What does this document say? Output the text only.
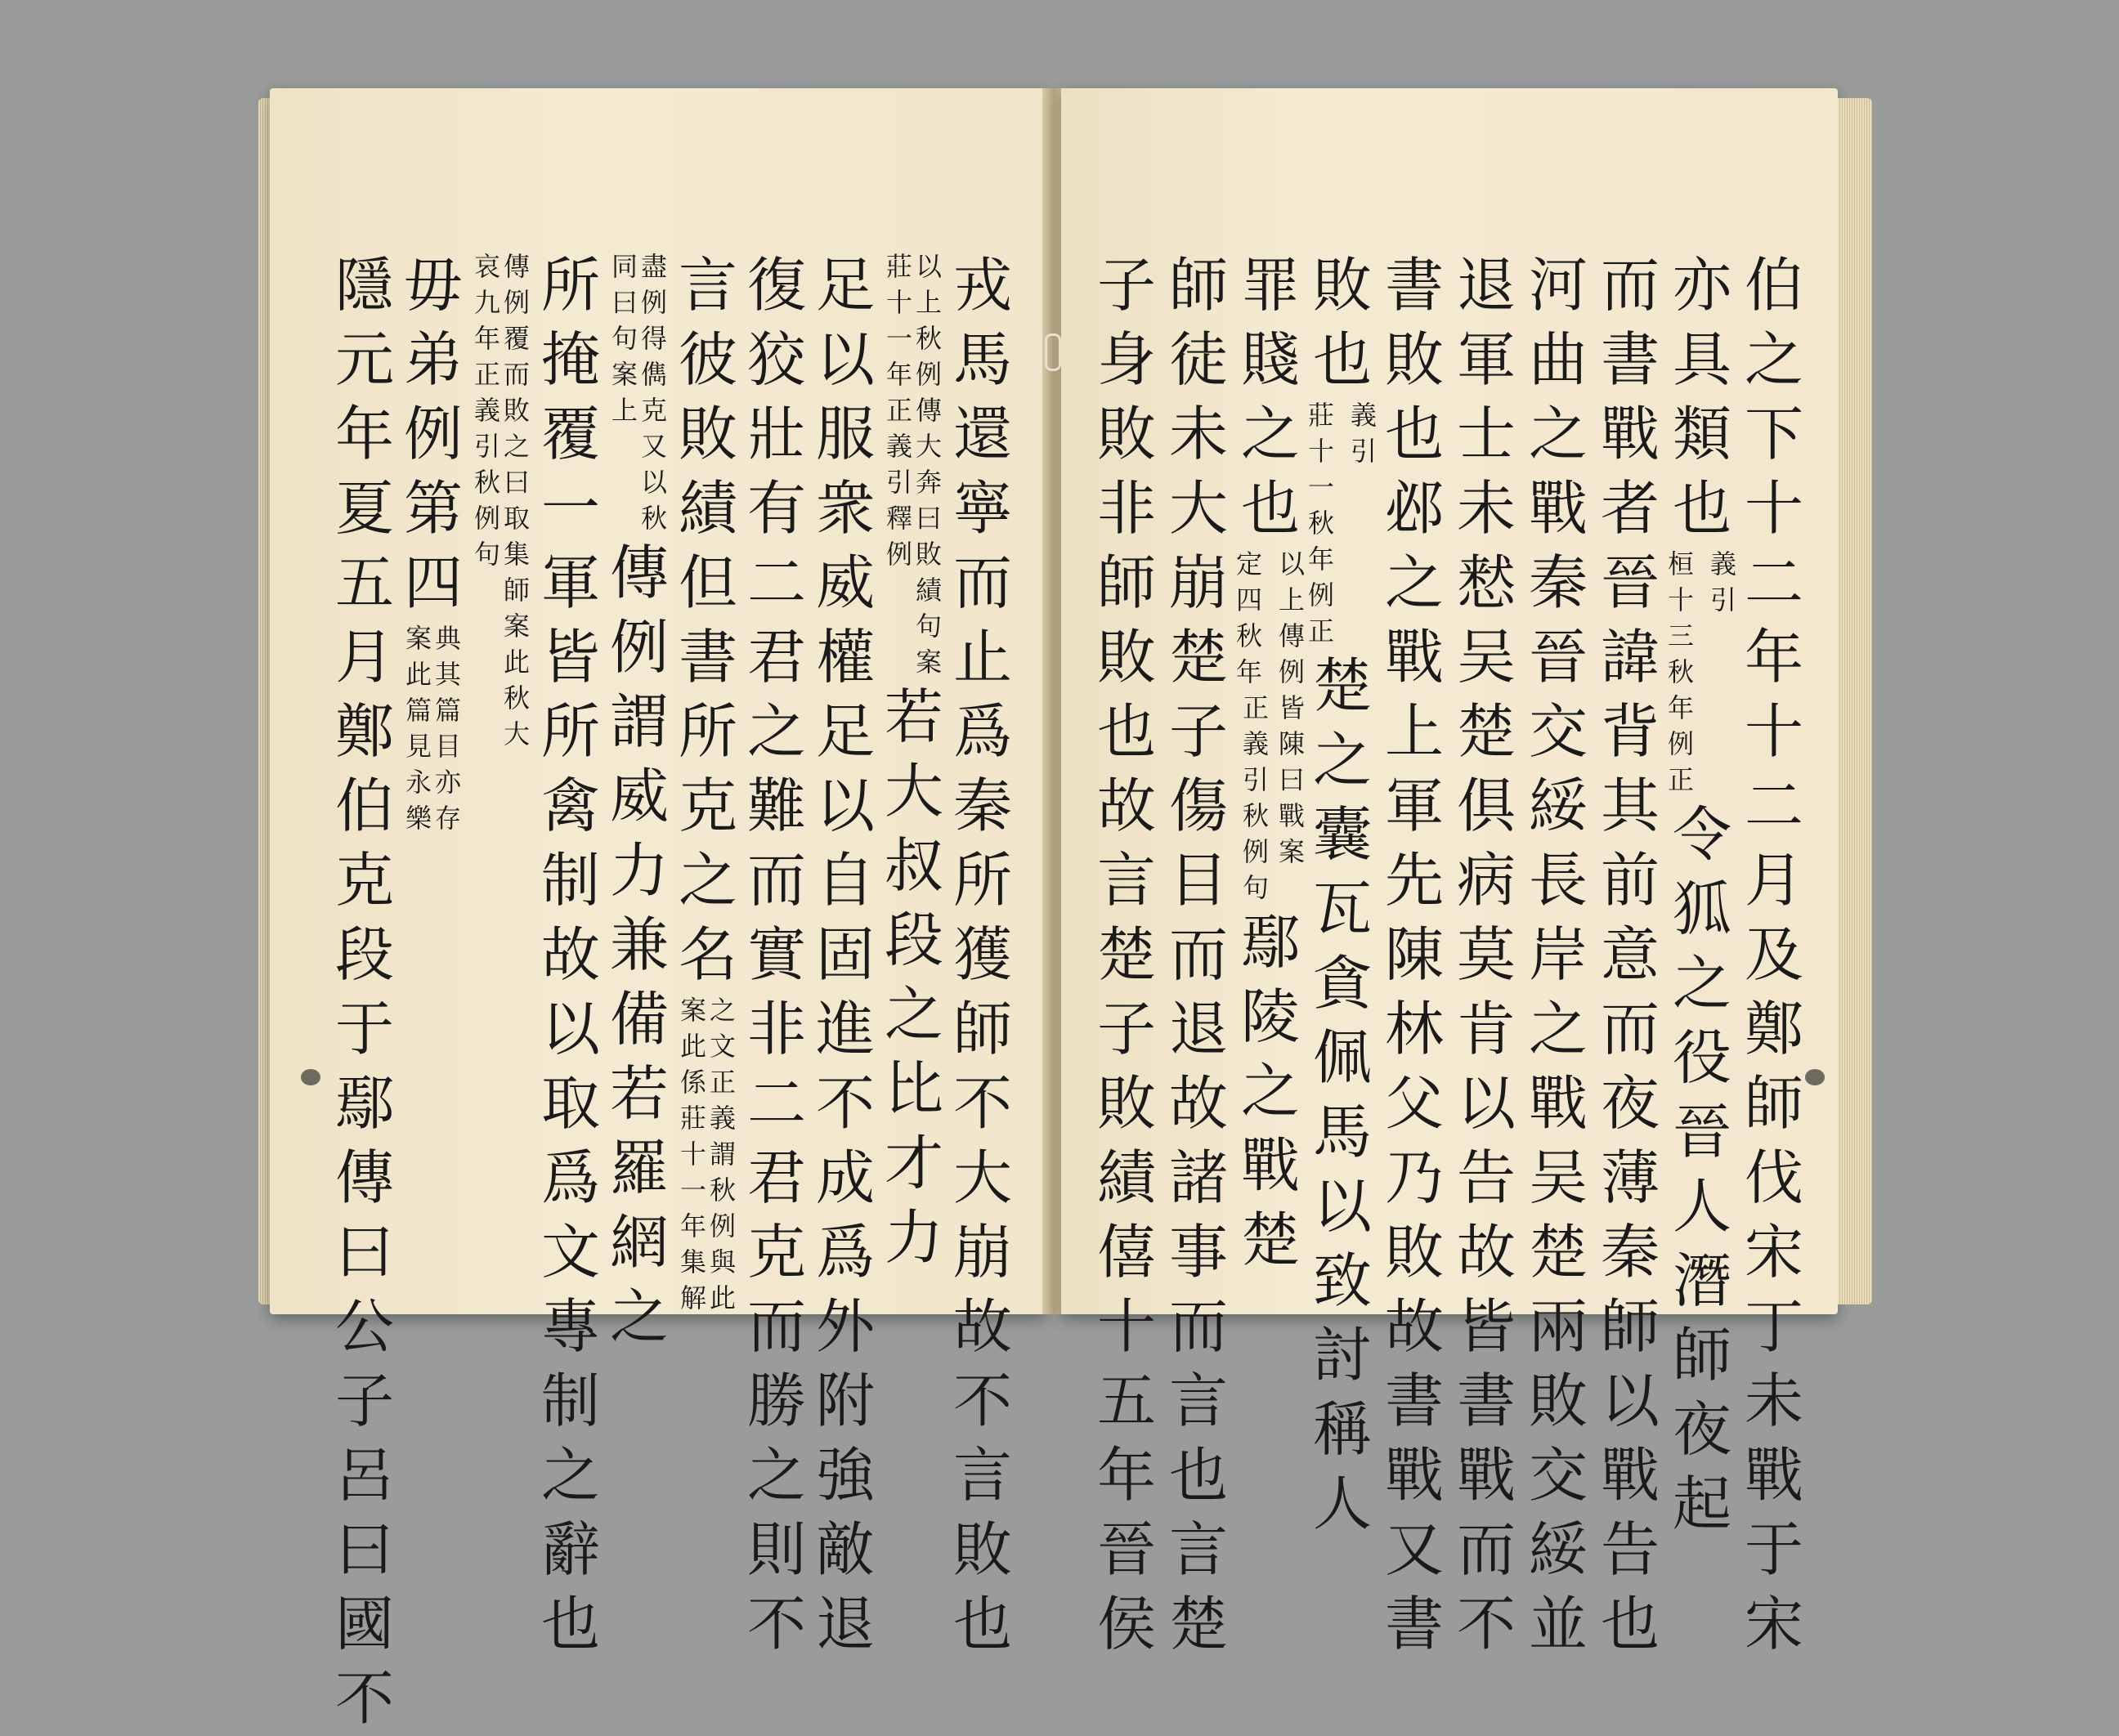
戎
馬
還
寧
而
止
爲
秦
所
獲
師
不
大
崩
故
不
言
敗
也
以
上
秋
例
傳
大
奔
曰
敗
績
句
案
莊
十
一
年
正
義
引
釋
例
若
大
叔
段
之
比
才
力
足
以
服
衆
威
權
足
以
自
固
進
不
成
爲
外
附
強
敵
退
復
狡
壯
有
二
君
之
難
而
實
非
二
君
克
而
勝
之
則
不
言
彼
敗
績
但
書
所
克
之
名
之
文
正
義
謂
秋
例
與
此
案
此
係
莊
十
一
年
集
解
盡
例
得
儁
克
又
以
秋
同
曰
句
案
上
傳
例
謂
威
力
兼
備
若
羅
網
之
所
掩
覆
一
軍
皆
所
禽
制
故
以
取
爲
文
專
制
之
辭
也
傳
例
覆
而
敗
之
曰
取
集
師
案
此
秋
大
哀
九
年
正
義
引
秋
例
句
毋
弟
例
第
四
典
其
篇
目
亦
存
案
此
篇
見
永
樂
隱
元
年
夏
五
月
鄭
伯
克
段
于
鄢
傳
曰
公
子
呂
曰
國
不
伯
之
下
十
二
年
十
二
月
及
鄭
師
伐
宋
丁
未
戰
于
宋
亦
具
類
也
義
引
桓十三
秋年例正
令
狐
之
役
晉
人
潛
師
夜
起
而
書
戰
者
晉
諱
背
其
前
意
而
夜
薄
秦
師
以
戰
告
也
河
曲
之
戰
秦
晉
交
綏
長
岸
之
戰
吴
楚
兩
敗
交
綏
並
退
軍
士
未
慭
吴
楚
俱
病
莫
肯
以
告
故
皆
書
戰
而
不
書
敗
也
邲
之
戰
上
軍
先
陳
林
父
乃
敗
故
書
戰
又
書
敗
也
義
引
莊十一
秋年例正
楚
之
囊
瓦
貪
佩
馬
以
致
討
稱
人
罪
賤
之
也
以
上
傳
例
皆
陳
曰
戰
案
定四
秋年
正
義
引
秋
例
句
鄢
陵
之
戰
楚
師
徒
未
大
崩
楚
子
傷
目
而
退
故
諸
事
而
言
也
言
楚
子
身
敗
非
師
敗
也
故
言
楚
子
敗
績
僖
十
五
年
晉
侯
